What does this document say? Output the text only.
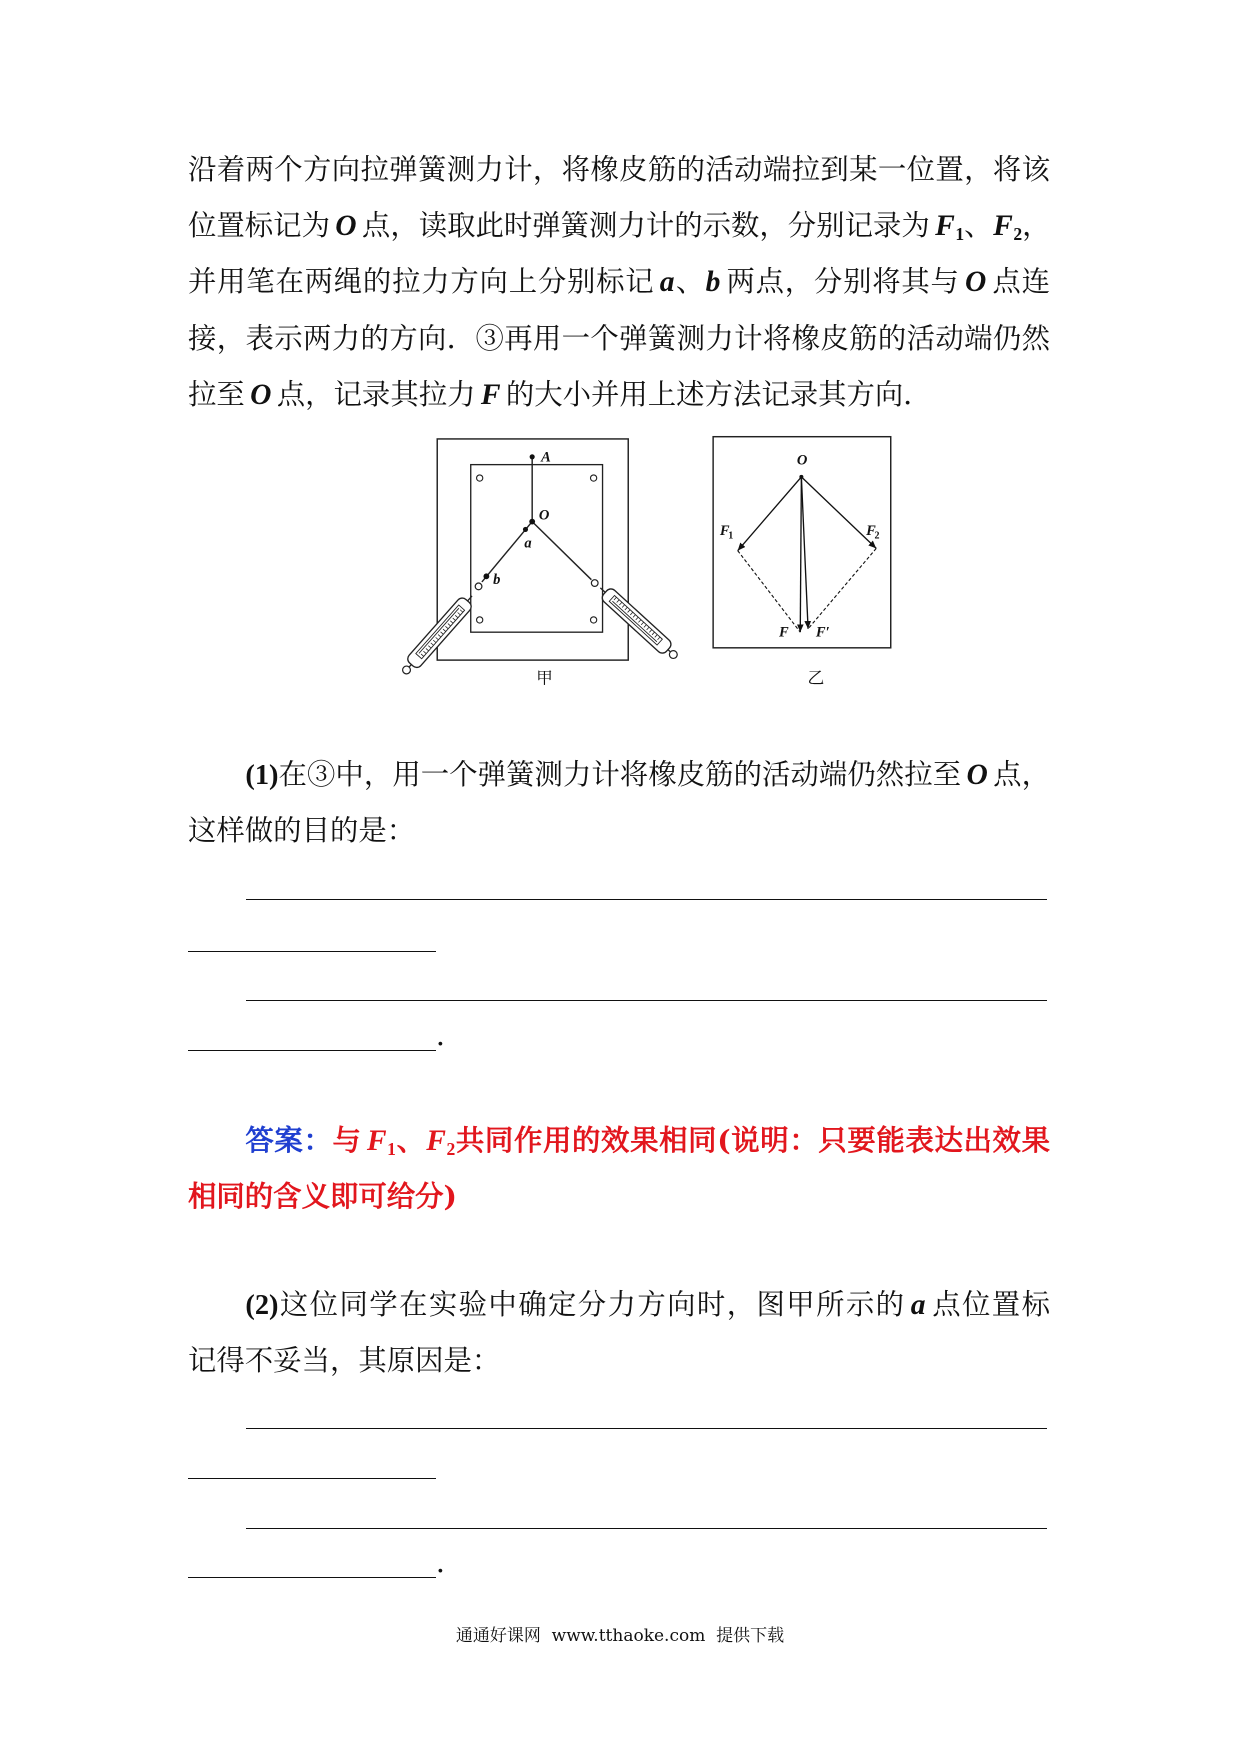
沿着两个方向拉弹簧测力计，将橡皮筋的活动端拉到某一位置，将该
位置标记为 O 点，读取此时弹簧测力计的示数，分别记录为 $F_1$、$F_2$，
并用笔在两绳的拉力方向上分别标记 a、b 两点，分别将其与 O 点连
接，表示两力的方向．③再用一个弹簧测力计将橡皮筋的活动端仍然
拉至 O 点，记录其拉力 F 的大小并用上述方法记录其方向．
A
O
a
b
甲
O
F
1	F
2
F F′
乙
(1)在③中，用一个弹簧测力计将橡皮筋的活动端仍然拉至 O 点，
这样做的目的是：
．
答案：与 $F_1$、$F_2$共同作用的效果相同(说明：只要能表达出效果
相同的含义即可给分)
(2)这位同学在实验中确定分力方向时，图甲所示的 a 点位置标
记得不妥当，其原因是：
．
通通好课网  www.tthaoke.com  提供下载
